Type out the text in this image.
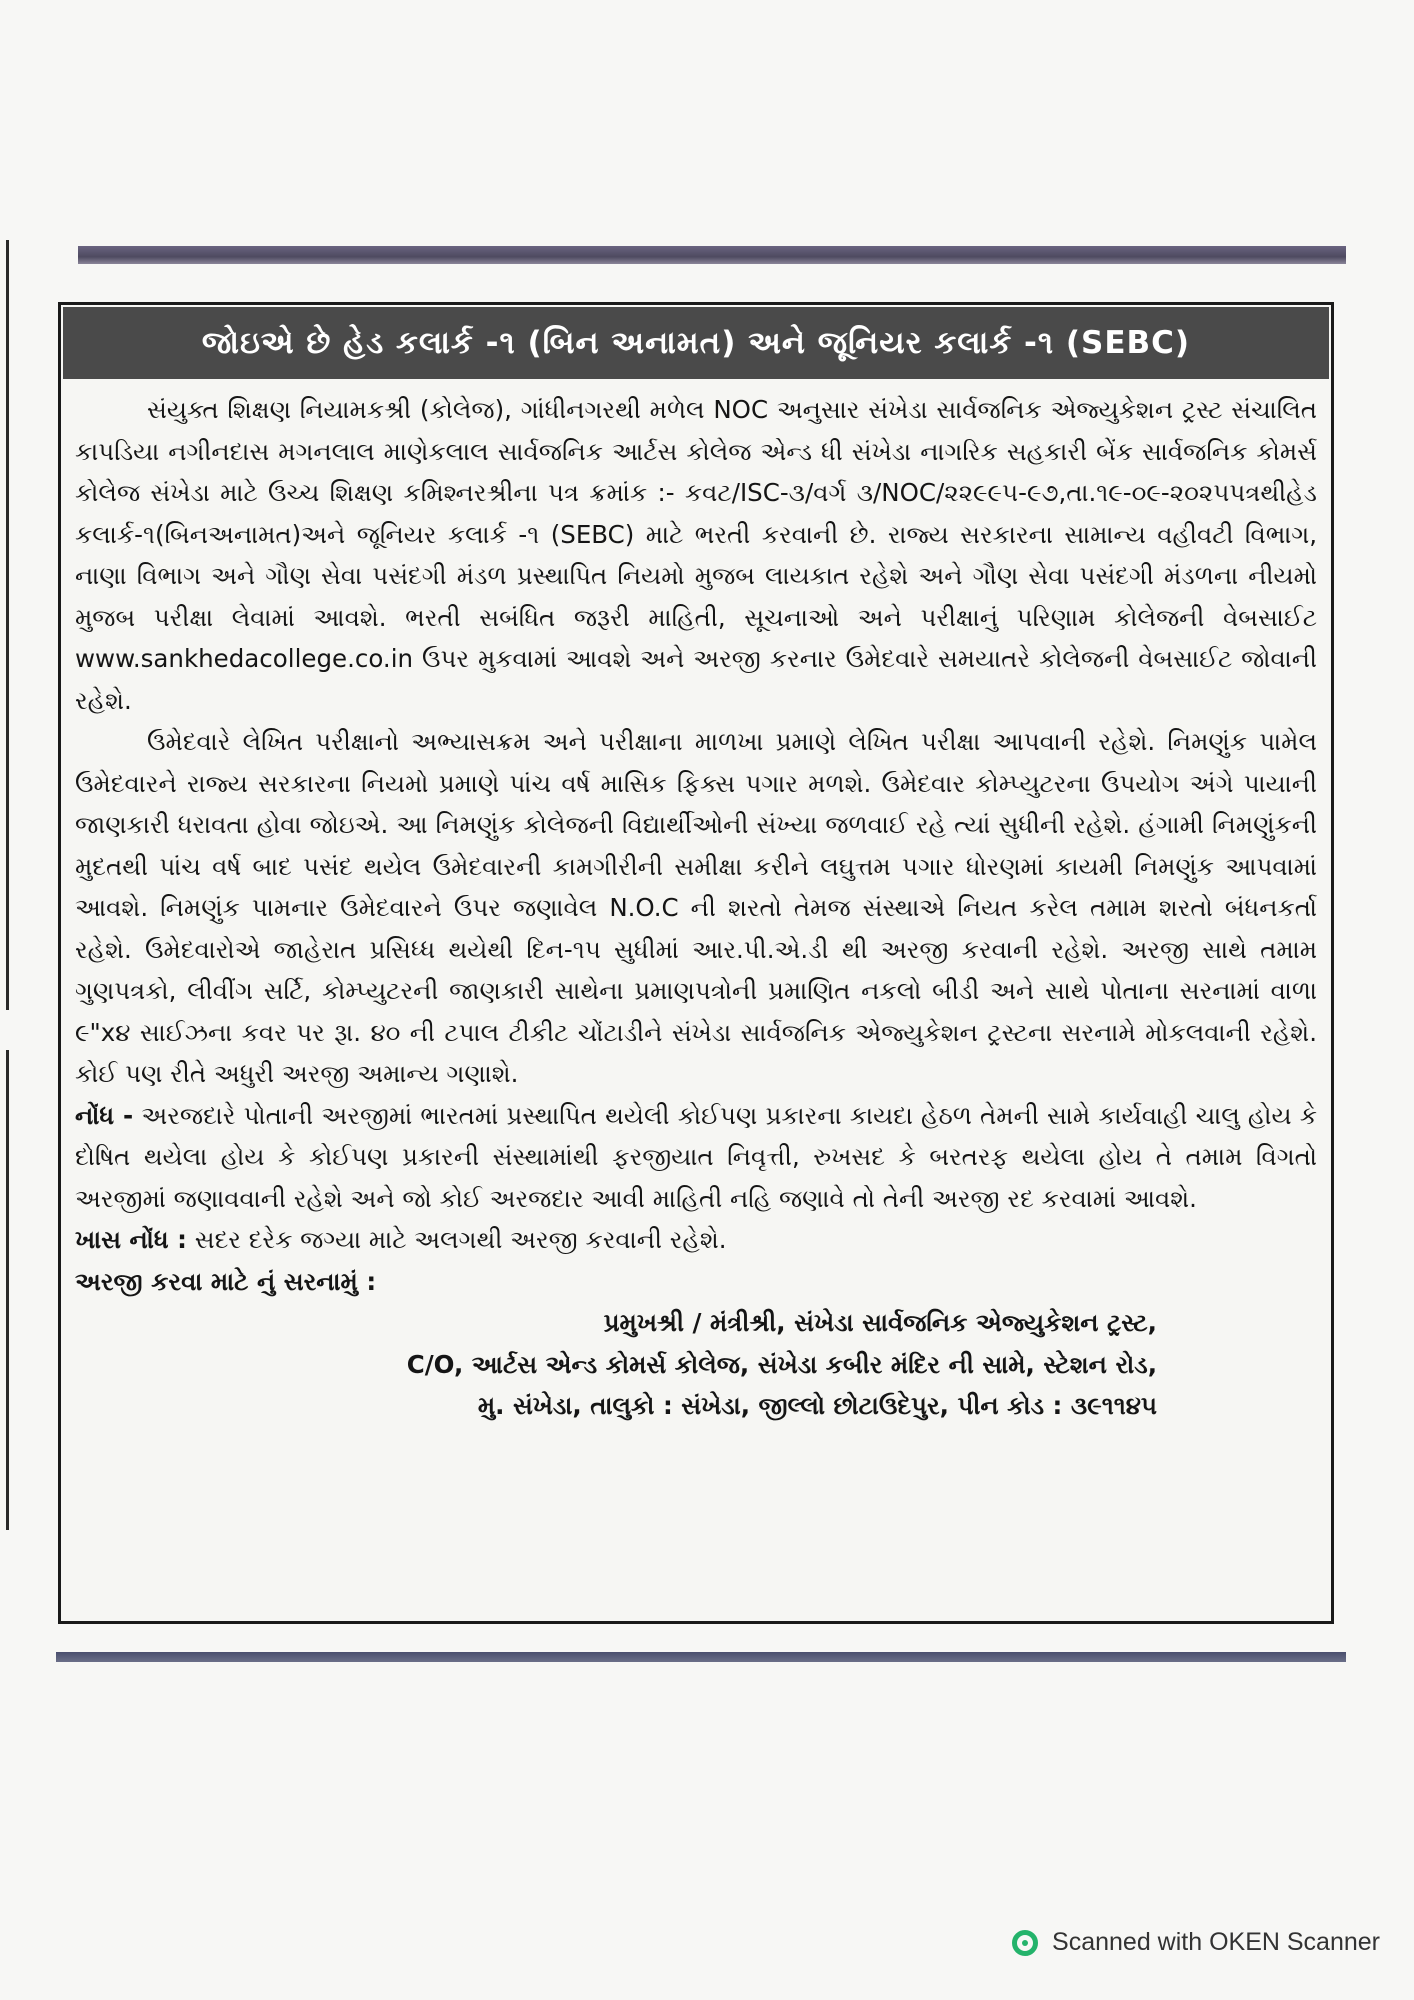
જોઇએ છે હેડ કલાર્ક -૧ (બિન અનામત) અને જૂનિયર કલાર્ક -૧ (SEBC)

સંયુક્ત શિક્ષણ નિયામકશ્રી (કોલેજ), ગાંધીનગરથી મળેલ NOC અનુસાર સંખેડા સાર્વજનિક એજ્યુકેશન ટ્રસ્ટ સંચાલિત કાપડિયા નગીનદાસ મગનલાલ માણેકલાલ સાર્વજનિક આર્ટસ કોલેજ એન્ડ ધી સંખેડા નાગરિક સહકારી બેંક સાર્વજનિક કોમર્સ કોલેજ સંખેડા માટે ઉચ્ચ શિક્ષણ કમિશ્નરશ્રીના પત્ર ક્રમાંક :- કવટ/ISC-૩/વર્ગ ૩/NOC/૨૨૯૯૫-૯૭,તા.૧૯-૦૯-૨૦૨૫પત્રથીહેડ કલાર્ક-૧(બિનઅનામત)અને જૂનિયર કલાર્ક -૧ (SEBC) માટે ભરતી કરવાની છે. રાજ્ય સરકારના સામાન્ય વહીવટી વિભાગ, નાણા વિભાગ અને ગૌણ સેવા પસંદગી મંડળ પ્રસ્થાપિત નિયમો મુજબ લાયકાત રહેશે અને ગૌણ સેવા પસંદગી મંડળના નીયમો મુજબ પરીક્ષા લેવામાં આવશે. ભરતી સબંધિત જરૂરી માહિતી, સૂચનાઓ અને પરીક્ષાનું પરિણામ કોલેજની વેબસાઈટ www.sankhedacollege.co.in ઉપર મુકવામાં આવશે અને અરજી કરનાર ઉમેદવારે સમયાતરે કોલેજની વેબસાઈટ જોવાની રહેશે.

ઉમેદવારે લેખિત પરીક્ષાનો અભ્યાસક્રમ અને પરીક્ષાના માળખા પ્રમાણે લેખિત પરીક્ષા આપવાની રહેશે. નિમણુંક પામેલ ઉમેદવારને રાજ્ય સરકારના નિયમો પ્રમાણે પાંચ વર્ષ માસિક ફિક્સ પગાર મળશે. ઉમેદવાર કોમ્પ્યુટરના ઉપયોગ અંગે પાયાની જાણકારી ધરાવતા હોવા જોઇએ. આ નિમણુંક કોલેજની વિદ્યાર્થીઓની સંખ્યા જળવાઈ રહે ત્યાં સુધીની રહેશે. હંગામી નિમણુંકની મુદતથી પાંચ વર્ષ બાદ પસંદ થયેલ ઉમેદવારની કામગીરીની સમીક્ષા કરીને લઘુત્તમ પગાર ધોરણમાં કાયમી નિમણુંક આપવામાં આવશે. નિમણુંક પામનાર ઉમેદવારને ઉપર જણાવેલ N.O.C ની શરતો તેમજ સંસ્થાએ નિયત કરેલ તમામ શરતો બંધનકર્તા રહેશે. ઉમેદવારોએ જાહેરાત પ્રસિધ્ધ થયેથી દિન-૧૫ સુધીમાં આર.પી.એ.ડી થી અરજી કરવાની રહેશે. અરજી સાથે તમામ ગુણપત્રકો, લીવીંગ સર્ટિ, કોમ્પ્યુટરની જાણકારી સાથેના પ્રમાણપત્રોની પ્રમાણિત નકલો બીડી અને સાથે પોતાના સરનામાં વાળા ૯"x૪ સાઈઝના કવર પર રૂા. ૪૦ ની ટપાલ ટીકીટ ચોંટાડીને સંખેડા સાર્વજનિક એજ્યુકેશન ટ્રસ્ટના સરનામે મોકલવાની રહેશે. કોઈ પણ રીતે અધુરી અરજી અમાન્ય ગણાશે.

નોંધ - અરજદારે પોતાની અરજીમાં ભારતમાં પ્રસ્થાપિત થયેલી કોઈપણ પ્રકારના કાયદા હેઠળ તેમની સામે કાર્યવાહી ચાલુ હોય કે દોષિત થયેલા હોય કે કોઈપણ પ્રકારની સંસ્થામાંથી ફરજીયાત નિવૃત્તી, રુખસદ કે બરતરફ થયેલા હોય તે તમામ વિગતો અરજીમાં જણાવવાની રહેશે અને જો કોઈ અરજદાર આવી માહિતી નહિ જણાવે તો તેની અરજી રદ કરવામાં આવશે.

ખાસ નોંધ : સદર દરેક જગ્યા માટે અલગથી અરજી કરવાની રહેશે.

અરજી કરવા માટે નું સરનામું :

પ્રમુખશ્રી / મંત્રીશ્રી, સંખેડા સાર્વજનિક એજ્યુકેશન ટ્રસ્ટ,
C/O, આર્ટસ એન્ડ કોમર્સ કોલેજ, સંખેડા કબીર મંદિર ની સામે, સ્ટેશન રોડ,
મુ. સંખેડા, તાલુકો : સંખેડા, જીલ્લો છોટાઉદેપુર, પીન કોડ : ૩૯૧૧૪૫
Scanned with OKEN Scanner
